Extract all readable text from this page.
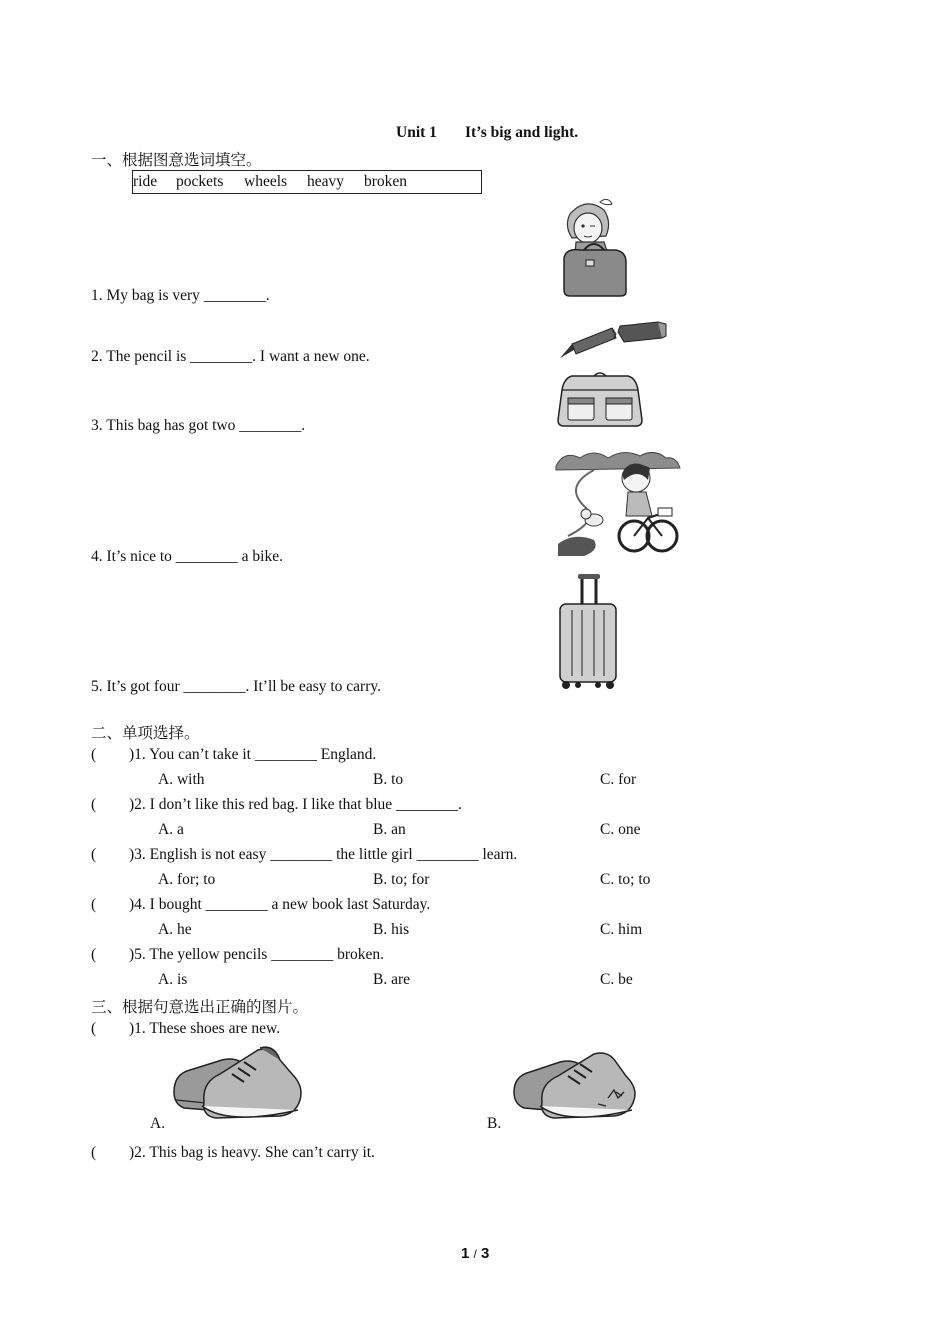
Unit 1 It’s big and light.
一、根据图意选词填空。
ride pockets wheels heavy broken
1. My bag is very ________.
2. The pencil is ________. I want a new one.
3. This bag has got two ________.
4. It’s nice to ________ a bike.
5. It’s got four ________. It’ll be easy to carry.
二、单项选择。
( )1. You can’t take it ________ England.
A. with	B. to	C. for
( )2. I don’t like this red bag. I like that blue ________.
A. a	B. an	C. one
( )3. English is not easy ________ the little girl ________ learn.
A. for; to	B. to; for	C. to; to
( )4. I bought ________ a new book last Saturday.
A. he	B. his	C. him
( )5. The yellow pencils ________ broken.
A. is	B. are	C. be
三、根据句意选出正确的图片。
( )1. These shoes are new.
A.	B.
( )2. This bag is heavy. She can’t carry it.
1 / 3
